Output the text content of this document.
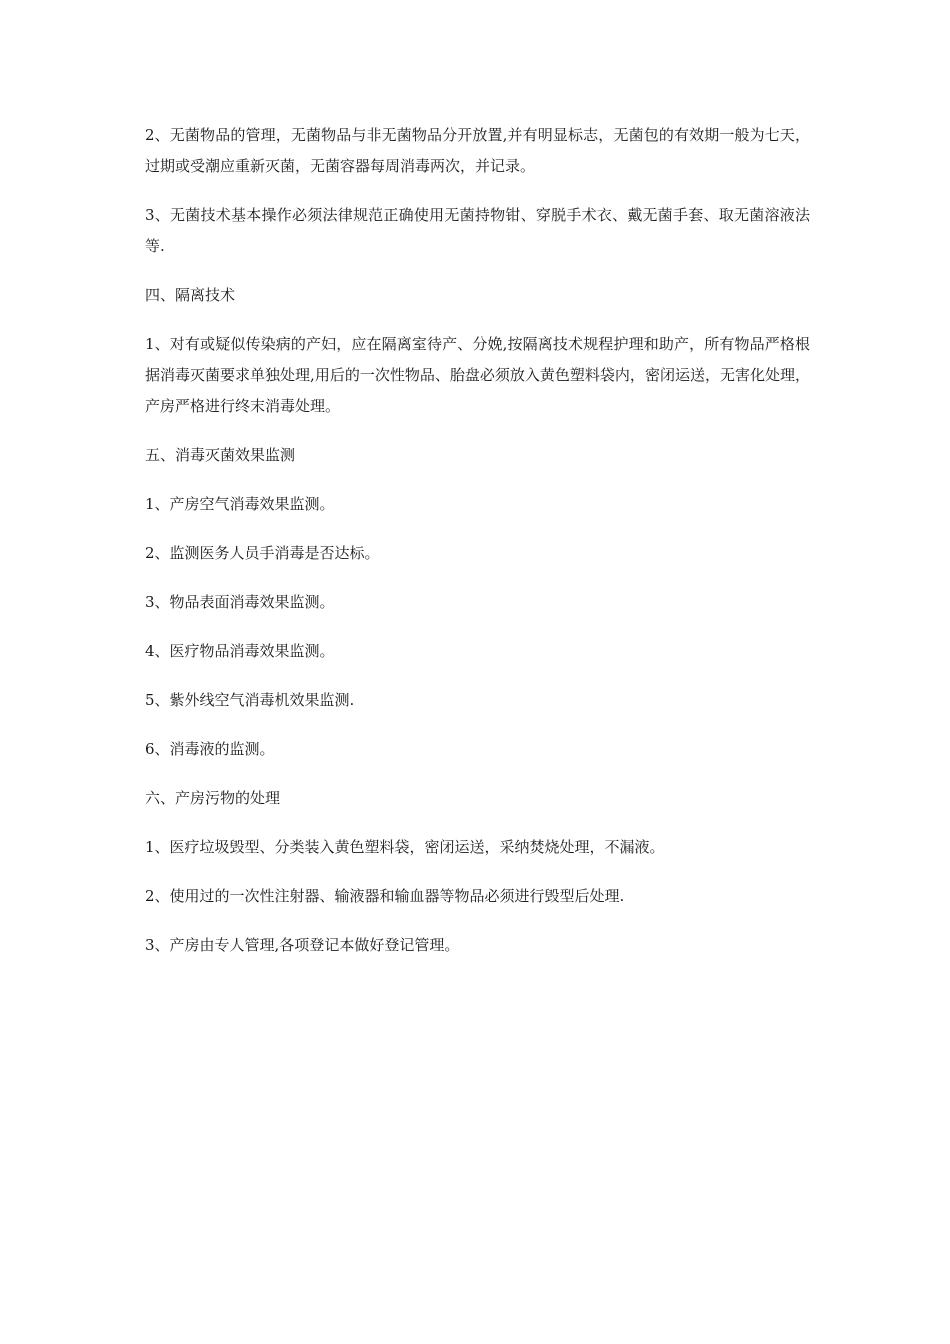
2、无菌物品的管理，无菌物品与非无菌物品分开放置,并有明显标志，无菌包的有效期一般为七天，过期或受潮应重新灭菌，无菌容器每周消毒两次，并记录。

3、无菌技术基本操作必须法律规范正确使用无菌持物钳、穿脱手术衣、戴无菌手套、取无菌溶液法等.

四、隔离技术

1、对有或疑似传染病的产妇，应在隔离室待产、分娩,按隔离技术规程护理和助产，所有物品严格根据消毒灭菌要求单独处理,用后的一次性物品、胎盘必须放入黄色塑料袋内，密闭运送，无害化处理，产房严格进行终末消毒处理。

五、消毒灭菌效果监测

1、产房空气消毒效果监测。

2、监测医务人员手消毒是否达标。

3、物品表面消毒效果监测。

4、医疗物品消毒效果监测。

5、紫外线空气消毒机效果监测.

6、消毒液的监测。

六、产房污物的处理

1、医疗垃圾毁型、分类装入黄色塑料袋，密闭运送，采纳焚烧处理，不漏液。

2、使用过的一次性注射器、输液器和输血器等物品必须进行毁型后处理.

3、产房由专人管理,各项登记本做好登记管理。
